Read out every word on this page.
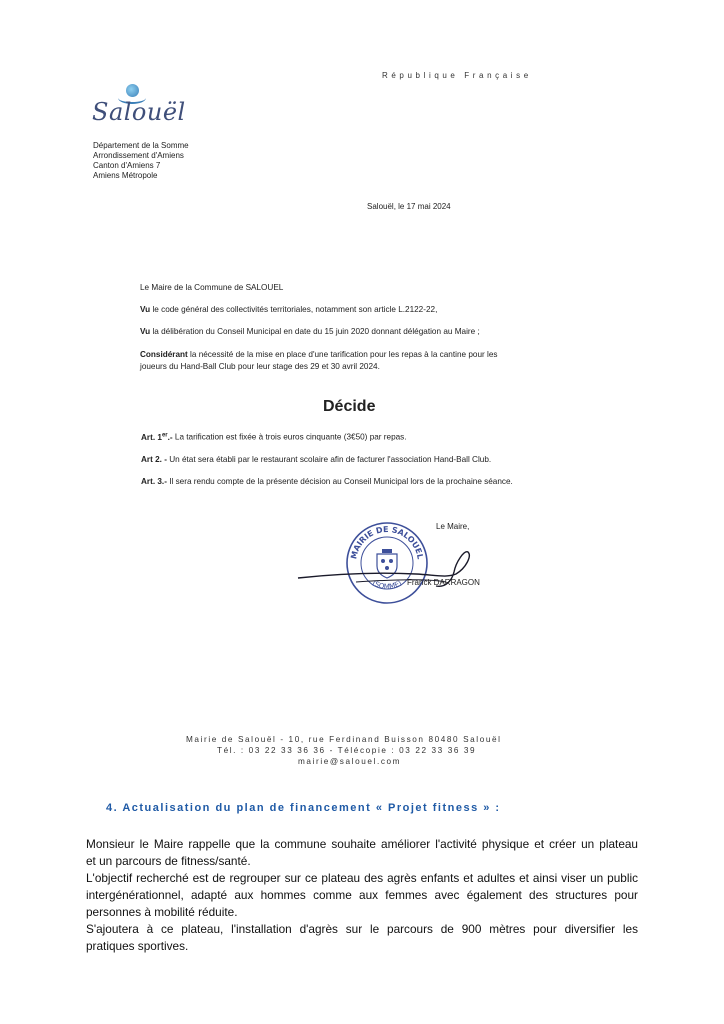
Salouël
République Française
Département de la Somme
Arrondissement d'Amiens
Canton d'Amiens 7
Amiens Métropole
Salouël, le 17 mai 2024
Le Maire de la Commune de SALOUEL
Vu le code général des collectivités territoriales, notamment son article L.2122-22,
Vu la délibération du Conseil Municipal en date du 15 juin 2020 donnant délégation au Maire ;
Considérant la nécessité de la mise en place d'une tarification pour les repas à la cantine pour les
joueurs du Hand-Ball Club pour leur stage des 29 et 30 avril 2024.
Décide
Art. 1er.- La tarification est fixée à trois euros cinquante (3€50) par repas.
Art 2. - Un état sera établi par le restaurant scolaire afin de facturer l'association Hand-Ball Club.
Art. 3.- Il sera rendu compte de la présente décision au Conseil Municipal lors de la prochaine séance.
MAIRIE DE SALOUEL
(SOMME)
Le Maire,
Franck DARRAGON
Mairie de Salouël - 10, rue Ferdinand Buisson 80480 Salouël
Tél. : 03 22 33 36 36 - Télécopie : 03 22 33 36 39
mairie@salouel.com
4. Actualisation du plan de financement « Projet fitness » :
Monsieur le Maire rappelle que la commune souhaite améliorer l'activité physique et créer un plateau
et un parcours de fitness/santé.
L'objectif recherché est de regrouper sur ce plateau des agrès enfants et adultes et ainsi viser un public
intergénérationnel, adapté aux hommes comme aux femmes avec également des structures pour
personnes à mobilité réduite.
S'ajoutera à ce plateau, l'installation d'agrès sur le parcours de 900 mètres pour diversifier les
pratiques sportives.
